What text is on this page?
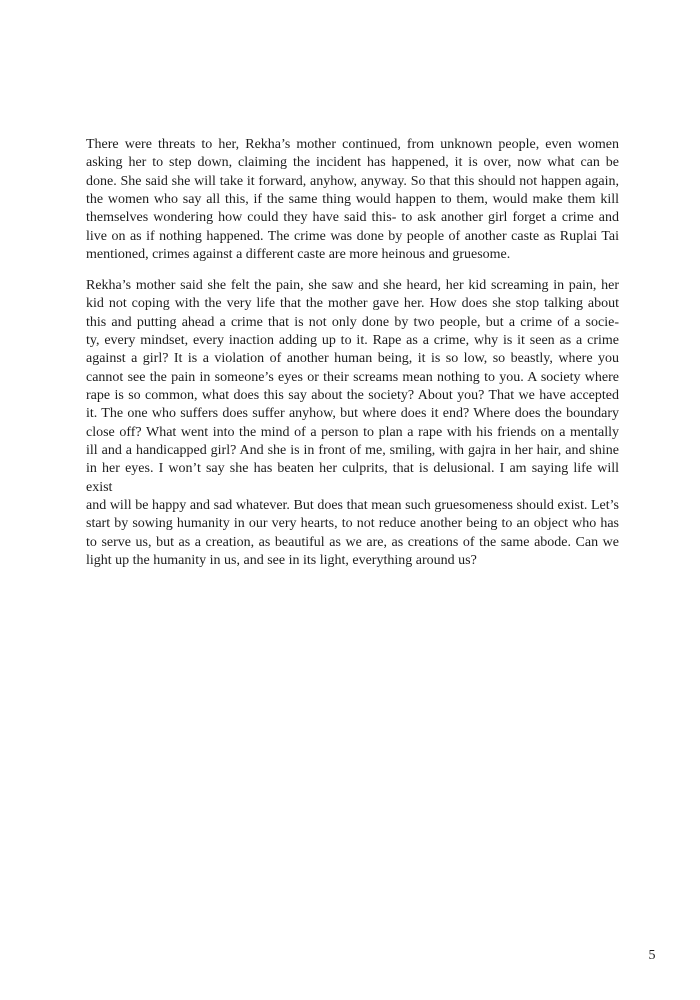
There were threats to her, Rekha’s mother continued, from unknown people, even women
asking her to step down, claiming the incident has happened, it is over, now what can be
done. She said she will take it forward, anyhow, anyway. So that this should not happen again,
the women who say all this, if the same thing would happen to them, would make them kill
themselves wondering how could they have said this- to ask another girl forget a crime and
live on as if nothing happened. The crime was done by people of another caste as Ruplai Tai
mentioned, crimes against a different caste are more heinous and gruesome.
Rekha’s mother said she felt the pain, she saw and she heard, her kid screaming in pain, her
kid not coping with the very life that the mother gave her. How does she stop talking about
this and putting ahead a crime that is not only done by two people, but a crime of a socie-
ty, every mindset, every inaction adding up to it. Rape as a crime, why is it seen as a crime
against a girl? It is a violation of another human being, it is so low, so beastly, where you
cannot see the pain in someone’s eyes or their screams mean nothing to you. A society where
rape is so common, what does this say about the society? About you? That we have accepted
it. The one who suffers does suffer anyhow, but where does it end? Where does the boundary
close off? What went into the mind of a person to plan a rape with his friends on a mentally
ill and a handicapped girl? And she is in front of me, smiling, with gajra in her hair, and shine
in her eyes. I won’t say she has beaten her culprits, that is delusional. I am saying life will exist
and will be happy and sad whatever. But does that mean such gruesomeness should exist. Let’s
start by sowing humanity in our very hearts, to not reduce another being to an object who has
to serve us, but as a creation, as beautiful as we are, as creations of the same abode. Can we
light up the humanity in us, and see in its light, everything around us?
5
